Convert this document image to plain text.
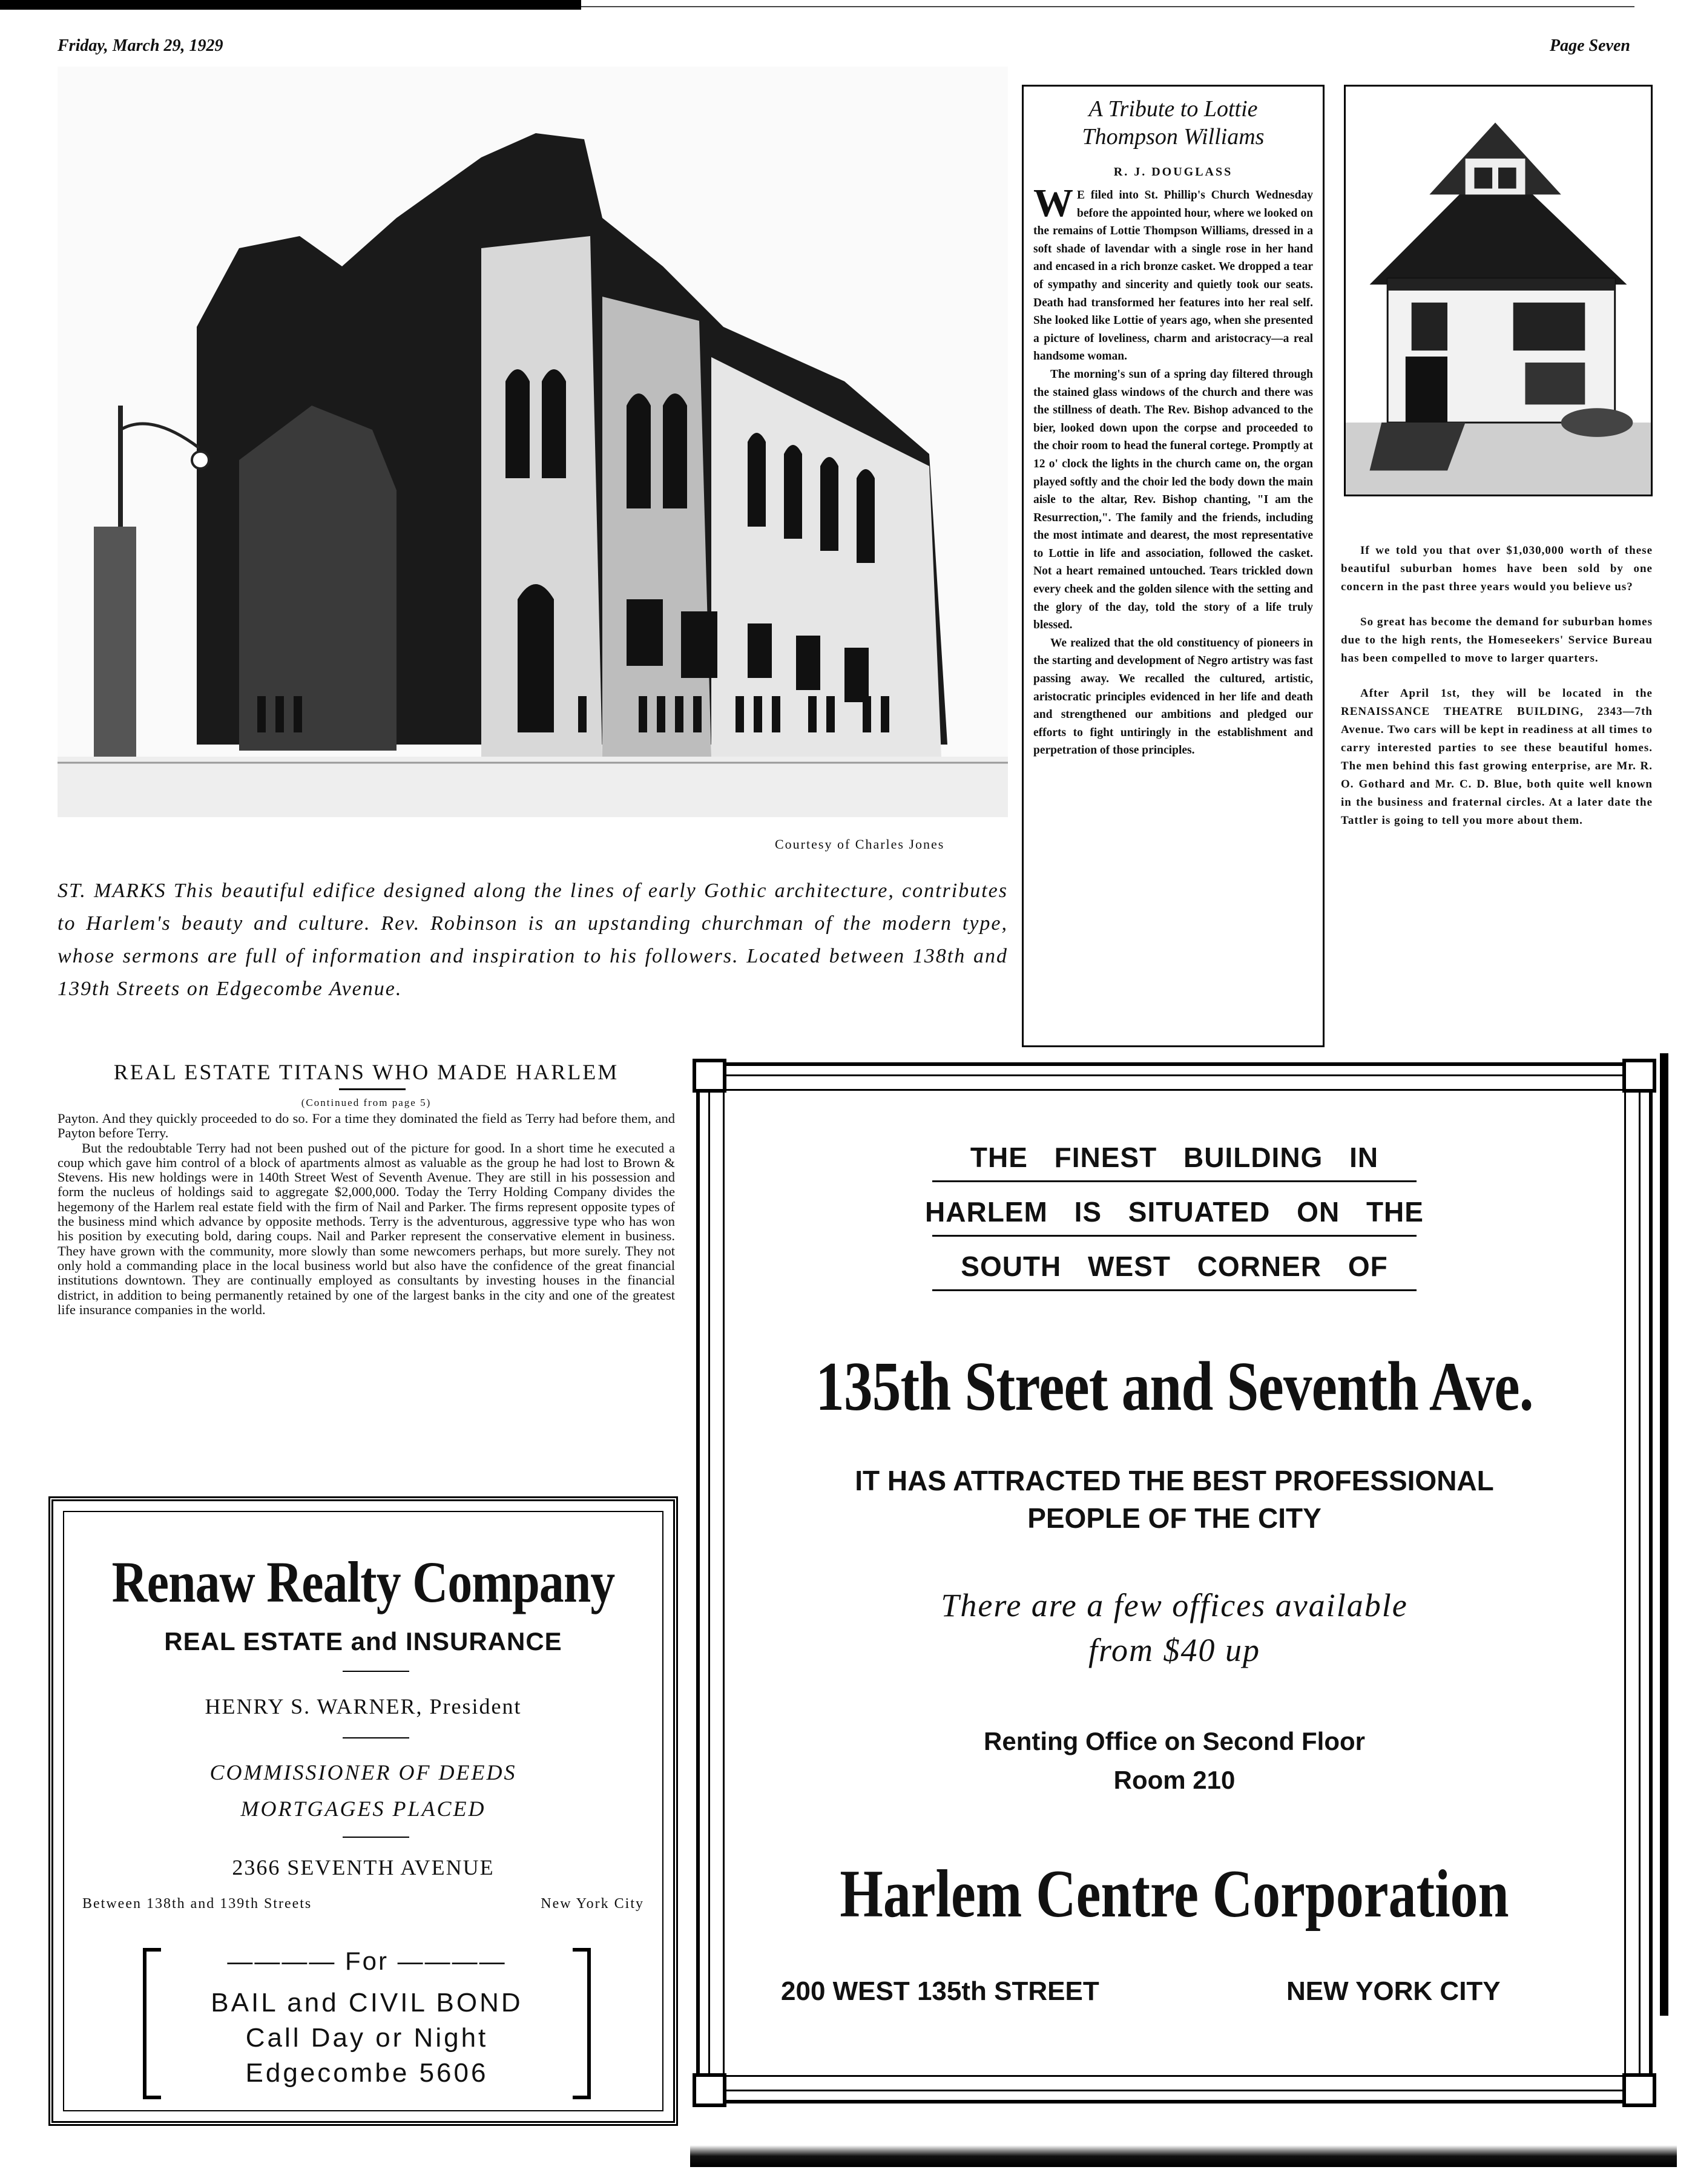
Friday, March 29, 1929	Page Seven
Courtesy of Charles Jones
ST. MARKS This beautiful edifice designed along the lines of early Gothic architecture, contributes to Harlem's beauty and culture. Rev. Robinson is an upstanding churchman of the modern type, whose sermons are full of information and inspiration to his followers. Located between 138th and 139th Streets on Edgecombe Avenue.
A Tribute to Lottie
Thompson Williams
R. J. DOUGLASS

W E filed into St. Phillip's Church Wednesday before the appointed hour, where we looked on the remains of Lottie Thompson Williams, dressed in a soft shade of lavendar with a single rose in her hand and encased in a rich bronze casket. We dropped a tear of sympathy and sincerity and quietly took our seats. Death had transformed her features into her real self. She looked like Lottie of years ago, when she presented a picture of loveliness, charm and aristocracy—a real handsome woman.

The morning's sun of a spring day filtered through the stained glass windows of the church and there was the stillness of death. The Rev. Bishop advanced to the bier, looked down upon the corpse and proceeded to the choir room to head the funeral cortege. Promptly at 12 o' clock the lights in the church came on, the organ played softly and the choir led the body down the main aisle to the altar, Rev. Bishop chanting, "I am the Resurrection,". The family and the friends, including the most intimate and dearest, the most representative to Lottie in life and association, followed the casket. Not a heart remained untouched. Tears trickled down every cheek and the golden silence with the setting and the glory of the day, told the story of a life truly blessed.

We realized that the old constituency of pioneers in the starting and development of Negro artistry was fast passing away. We recalled the cultured, artistic, aristocratic principles evidenced in her life and death and strengthened our ambitions and pledged our efforts to fight untiringly in the establishment and perpetration of those principles.

If we told you that over $1,030,000 worth of these beautiful suburban homes have been sold by one concern in the past three years would you believe us?

So great has become the demand for suburban homes due to the high rents, the Homeseekers' Service Bureau has been compelled to move to larger quarters.

After April 1st, they will be located in the RENAISSANCE THEATRE BUILDING, 2343—7th Avenue. Two cars will be kept in readiness at all times to carry interested parties to see these beautiful homes. The men behind this fast growing enterprise, are Mr. R. O. Gothard and Mr. C. D. Blue, both quite well known in the business and fraternal circles. At a later date the Tattler is going to tell you more about them.

REAL ESTATE TITANS WHO MADE HARLEM
(Continued from page 5)

Payton. And they quickly proceeded to do so. For a time they dominated the field as Terry had before them, and Payton before Terry.

But the redoubtable Terry had not been pushed out of the picture for good. In a short time he executed a coup which gave him control of a block of apartments almost as valuable as the group he had lost to Brown & Stevens. His new holdings were in 140th Street West of Seventh Avenue. They are still in his possession and form the nucleus of holdings said to aggregate $2,000,000. Today the Terry Holding Company divides the hegemony of the Harlem real estate field with the firm of Nail and Parker. The firms represent opposite types of the business mind which advance by opposite methods. Terry is the adventurous, aggressive type who has won his position by executing bold, daring coups. Nail and Parker represent the conservative element in business. They have grown with the community, more slowly than some newcomers perhaps, but more surely. They not only hold a commanding place in the local business world but also have the confidence of the great financial institutions downtown. They are continually employed as consultants by investing houses in the financial district, in addition to being permanently retained by one of the largest banks in the city and one of the greatest life insurance companies in the world.

Renaw Realty Company
REAL ESTATE and INSURANCE
HENRY S. WARNER, President
COMMISSIONER OF DEEDS
MORTGAGES PLACED
2366 SEVENTH AVENUE
Between 138th and 139th Streets	New York City
———— For ————
BAIL and CIVIL BOND
Call Day or Night
Edgecombe 5606
THE FINEST BUILDING IN
HARLEM IS SITUATED ON THE
SOUTH WEST CORNER OF
135th Street and Seventh Ave.
IT HAS ATTRACTED THE BEST PROFESSIONAL
PEOPLE OF THE CITY
There are a few offices available
from $40 up
Renting Office on Second Floor
Room 210
Harlem Centre Corporation
200 WEST 135th STREET	NEW YORK CITY
